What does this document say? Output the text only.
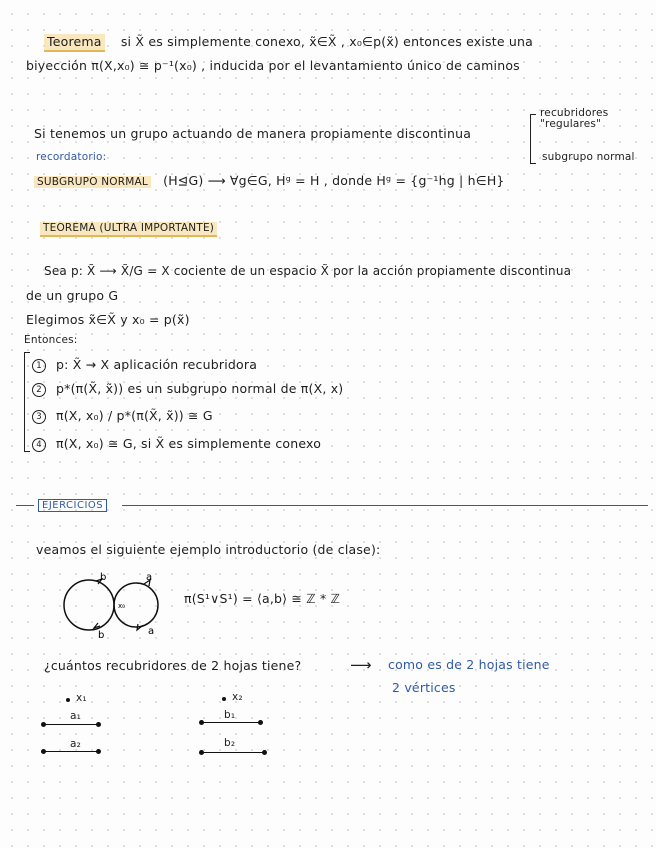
Teorema si X̃ es simplemente conexo, x̃∈X̃ , x₀∈p(x̃) entonces existe una
biyección π(X,x₀) ≅ p⁻¹(x₀) , inducida por el levantamiento único de caminos
Si tenemos un grupo actuando de manera propiamente discontinua
recubridores "regulares"
subgrupo normal
recordatorio:
SUBGRUPO NORMAL (H⊴G) ⟶ ∀g∈G, Hᵍ = H , donde Hᵍ = {g⁻¹hg | h∈H}
TEOREMA (ULTRA IMPORTANTE)
Sea p: X̃ ⟶ X̃/G = X cociente de un espacio X̃ por la acción propiamente discontinua
de un grupo G
Elegimos x̃∈X̃ y x₀ = p(x̃)
Entonces:
1 p: X̃ → X aplicación recubridora
2 p*(π(X̃, x̃)) es un subgrupo normal de π(X, x)
3 π(X, x₀) / p*(π(X̃, x̃)) ≅ G
4 π(X, x₀) ≅ G, si X̃ es simplemente conexo
EJERCICIOS
veamos el siguiente ejemplo introductorio (de clase):
b	a
x₀
b	a
π(S¹∨S¹) = ⟨a,b⟩ ≅ ℤ * ℤ
¿cuántos recubridores de 2 hojas tiene?	⟶ como es de 2 hojas tiene
2 vértices
x₁
a₁
a₂
x₂
b₁
b₂
